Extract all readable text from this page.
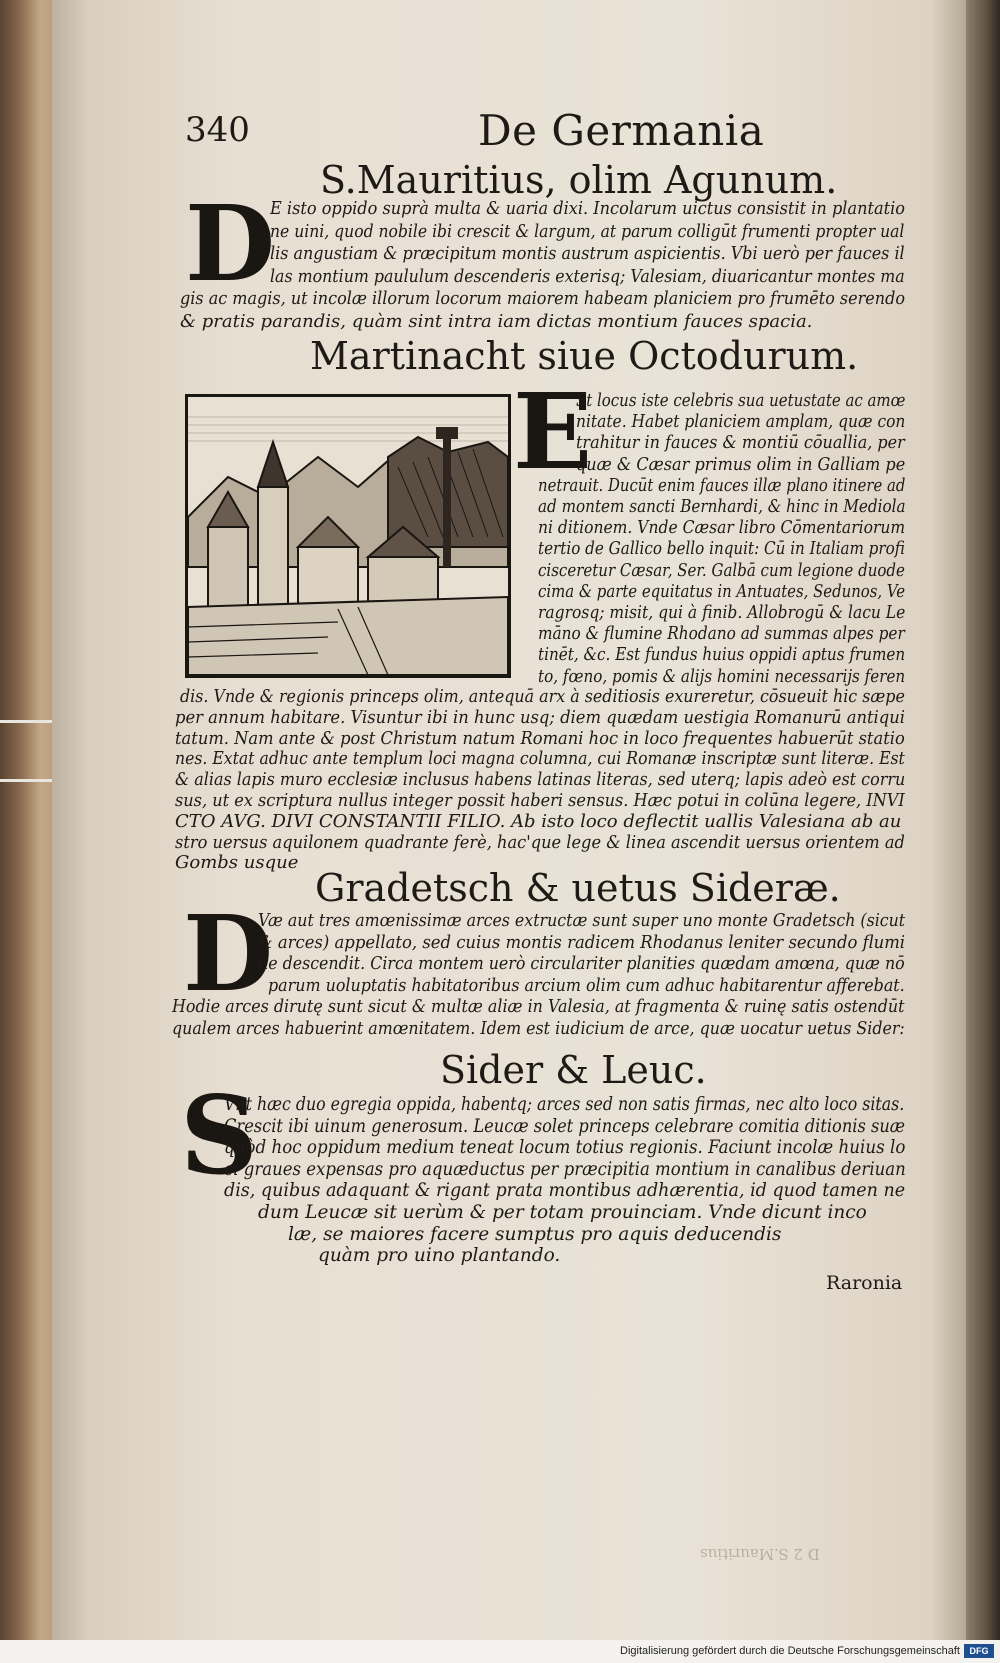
340	De Germania
S.Mauritius, olim Agunum.
D
E isto oppido suprà multa & uaria dixi. Incolarum uictus consistit in plantatio
ne uini, quod nobile ibi crescit & largum, at parum colligūt frumenti propter ual
lis angustiam & præcipitum montis austrum aspicientis. Vbi uerò per fauces il
las montium paululum descenderis exterisq; Valesiam, diuaricantur montes ma
gis ac magis, ut incolæ illorum locorum maiorem habeam planiciem pro frumēto serendo
& pratis parandis, quàm sint intra iam dictas montium fauces spacia.
Martinacht siue Octodurum.
E
St locus iste celebris sua uetustate ac amœ
nitate. Habet planiciem amplam, quæ con
trahitur in fauces & montiū cōuallia, per
quæ & Cæsar primus olim in Galliam pe
netrauit. Ducūt enim fauces illæ plano itinere ad
ad montem sancti Bernhardi, & hinc in Mediola
ni ditionem. Vnde Cæsar libro Cōmentariorum
tertio de Gallico bello inquit: Cū in Italiam profi
cisceretur Cæsar, Ser. Galbā cum legione duode
cima & parte equitatus in Antuates, Sedunos, Ve
ragrosq; misit, qui à finib. Allobrogū & lacu Le
māno & flumine Rhodano ad summas alpes per
tinēt, &c. Est fundus huius oppidi aptus frumen
to, fœno, pomis & alijs homini necessarijs feren
dis. Vnde & regionis princeps olim, antequā arx à seditiosis exureretur, cōsueuit hic sæpe
per annum habitare. Visuntur ibi in hunc usq; diem quædam uestigia Romanurū antiqui
tatum. Nam ante & post Christum natum Romani hoc in loco frequentes habuerūt statio
nes. Extat adhuc ante templum loci magna columna, cui Romanæ inscriptæ sunt literæ. Est
& alias lapis muro ecclesiæ inclusus habens latinas literas, sed uterq; lapis adeò est corru
sus, ut ex scriptura nullus integer possit haberi sensus. Hæc potui in colūna legere, INVI
CTO AVG. DIVI CONSTANTII FILIO. Ab isto loco deflectit uallis Valesiana ab au
stro uersus aquilonem quadrante ferè, hac'que lege & linea ascendit uersus orientem ad
Gombs usque
Gradetsch & uetus Sideræ.
D
Væ aut tres amœnissimæ arces extructæ sunt super uno monte Gradetsch (sicut
& arces) appellato, sed cuius montis radicem Rhodanus leniter secundo flumi
ne descendit. Circa montem uerò circulariter planities quædam amœna, quæ nō
parum uoluptatis habitatoribus arcium olim cum adhuc habitarentur afferebat.
Hodie arces dirutę sunt sicut & multæ aliæ in Valesia, at fragmenta & ruinę satis ostendūt
qualem arces habuerint amœnitatem. Idem est iudicium de arce, quæ uocatur uetus Sider:
Sider & Leuc.
S
Vnt hæc duo egregia oppida, habentq; arces sed non satis firmas, nec alto loco sitas.
Crescit ibi uinum generosum. Leucæ solet princeps celebrare comitia ditionis suæ
quòd hoc oppidum medium teneat locum totius regionis. Faciunt incolæ huius lo
ci graues expensas pro aquæductus per præcipitia montium in canalibus deriuan
dis, quibus adaquant & rigant prata montibus adhærentia, id quod tamen ne
dum Leucæ sit uerùm & per totam prouinciam. Vnde dicunt inco
læ, se maiores facere sumptus pro aquis deducendis
quàm pro uino plantando.
Raronia
D 2 S.Mauritius
Digitalisierung gefördert durch die Deutsche Forschungsgemeinschaft	DFG
